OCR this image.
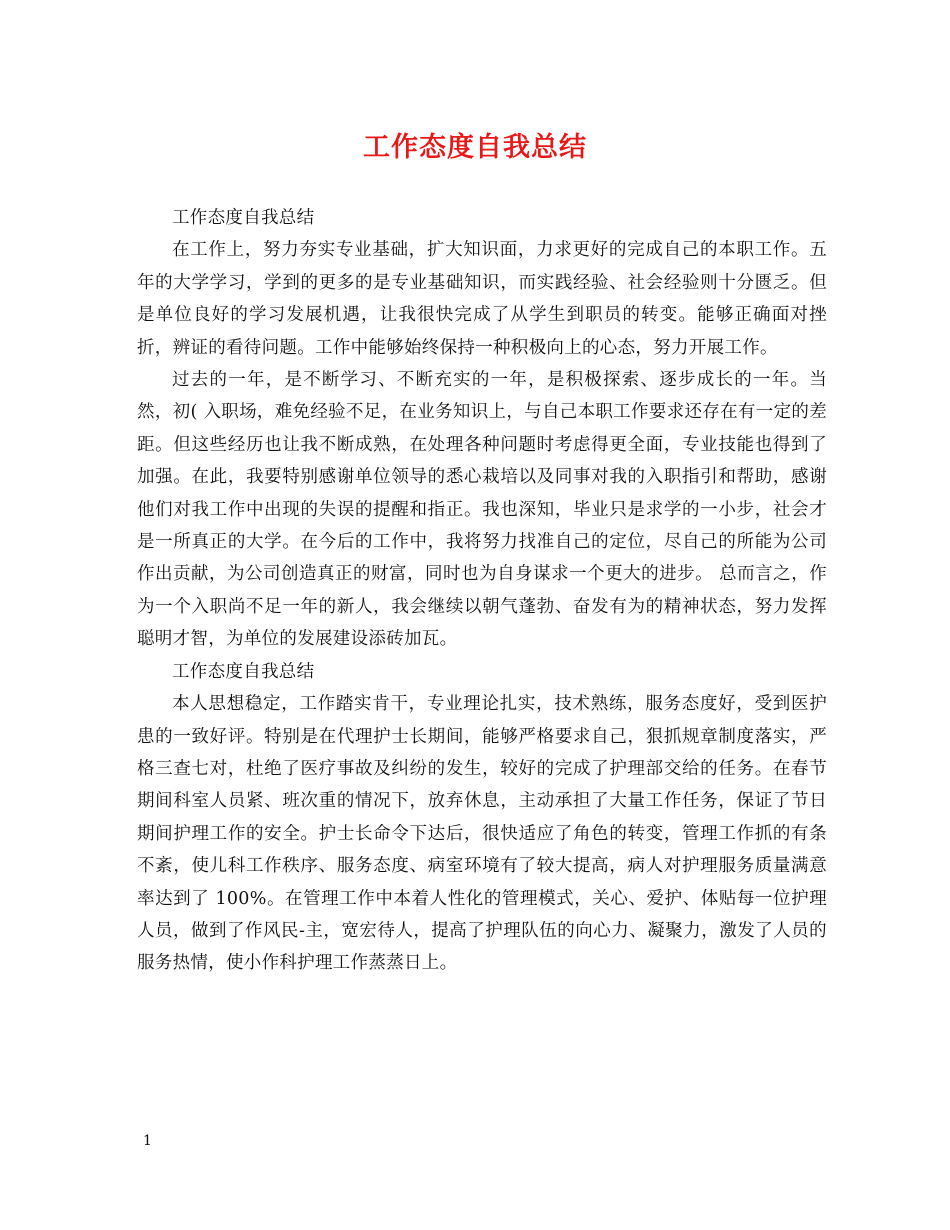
工作态度自我总结

工作态度自我总结

在工作上，努力夯实专业基础，扩大知识面，力求更好的完成自己的本职工作。五年的大学学习，学到的更多的是专业基础知识，而实践经验、社会经验则十分匮乏。但是单位良好的学习发展机遇，让我很快完成了从学生到职员的转变。能够正确面对挫折，辨证的看待问题。工作中能够始终保持一种积极向上的心态，努力开展工作。

过去的一年，是不断学习、不断充实的一年，是积极探索、逐步成长的一年。当然，初( 入职场，难免经验不足，在业务知识上，与自己本职工作要求还存在有一定的差距。但这些经历也让我不断成熟，在处理各种问题时考虑得更全面，专业技能也得到了加强。在此，我要特别感谢单位领导的悉心栽培以及同事对我的入职指引和帮助，感谢他们对我工作中出现的失误的提醒和指正。我也深知，毕业只是求学的一小步，社会才是一所真正的大学。在今后的工作中，我将努力找准自己的定位，尽自己的所能为公司作出贡献，为公司创造真正的财富，同时也为自身谋求一个更大的进步。 总而言之，作为一个入职尚不足一年的新人，我会继续以朝气蓬勃、奋发有为的精神状态，努力发挥聪明才智，为单位的发展建设添砖加瓦。

工作态度自我总结

本人思想稳定，工作踏实肯干，专业理论扎实，技术熟练，服务态度好，受到医护患的一致好评。特别是在代理护士长期间，能够严格要求自己，狠抓规章制度落实，严格三查七对，杜绝了医疗事故及纠纷的发生，较好的完成了护理部交给的任务。在春节期间科室人员紧、班次重的情况下，放弃休息，主动承担了大量工作任务，保证了节日期间护理工作的安全。护士长命令下达后，很快适应了角色的转变，管理工作抓的有条不紊，使儿科工作秩序、服务态度、病室环境有了较大提高，病人对护理服务质量满意率达到了 100%。在管理工作中本着人性化的管理模式，关心、爱护、体贴每一位护理人员，做到了作风民-主，宽宏待人，提高了护理队伍的向心力、凝聚力，激发了人员的服务热情，使小作科护理工作蒸蒸日上。

1
